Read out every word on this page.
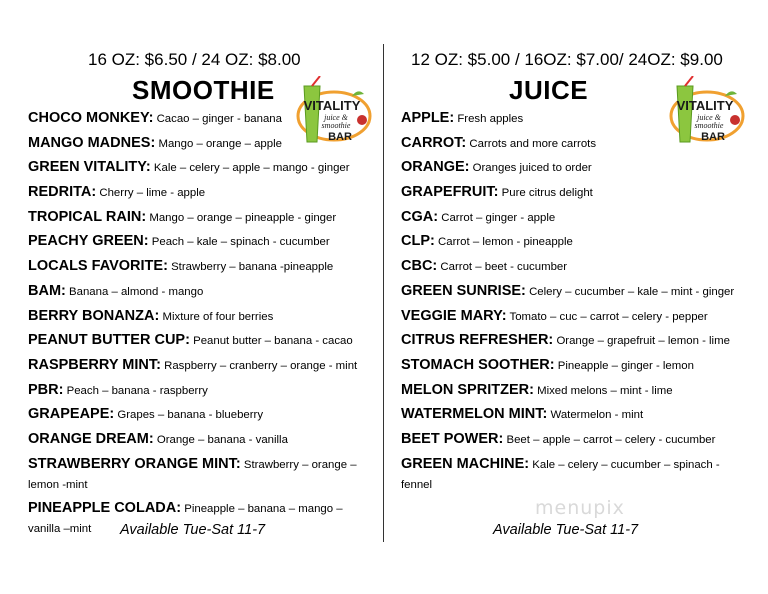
16 OZ: $6.50 / 24 OZ: $8.00
SMOOTHIE
CHOCO MONKEY: Cacao – ginger - banana
MANGO MADNES: Mango – orange – apple
GREEN VITALITY: Kale – celery – apple – mango - ginger
REDRITA: Cherry – lime - apple
TROPICAL RAIN: Mango – orange – pineapple - ginger
PEACHY GREEN: Peach – kale – spinach - cucumber
LOCALS FAVORITE: Strawberry – banana -pineapple
BAM: Banana – almond - mango
BERRY BONANZA: Mixture of four berries
PEANUT BUTTER CUP: Peanut butter – banana - cacao
RASPBERRY MINT: Raspberry – cranberry – orange - mint
PBR: Peach – banana - raspberry
GRAPEAPE: Grapes – banana - blueberry
ORANGE DREAM: Orange – banana - vanilla
STRAWBERRY ORANGE MINT: Strawberry – orange – lemon -mint
PINEAPPLE COLADA: Pineapple – banana – mango – vanilla –mint	Available Tue-Sat 11-7
12 OZ: $5.00 / 16OZ: $7.00/ 24OZ: $9.00
JUICE
APPLE: Fresh apples
CARROT: Carrots and more carrots
ORANGE: Oranges juiced to order
GRAPEFRUIT: Pure citrus delight
CGA: Carrot – ginger - apple
CLP: Carrot – lemon - pineapple
CBC: Carrot – beet - cucumber
GREEN SUNRISE: Celery – cucumber – kale – mint - ginger
VEGGIE MARY: Tomato – cuc – carrot – celery - pepper
CITRUS REFRESHER: Orange – grapefruit – lemon - lime
STOMACH SOOTHER: Pineapple – ginger - lemon
MELON SPRITZER: Mixed melons – mint - lime
WATERMELON MINT: Watermelon - mint
BEET POWER: Beet – apple – carrot – celery - cucumber
GREEN MACHINE: Kale – celery – cucumber – spinach - fennel
Available Tue-Sat 11-7
VITALITY
juice &
smoothie
BAR
VITALITY
juice &
smoothie
BAR
menupix
